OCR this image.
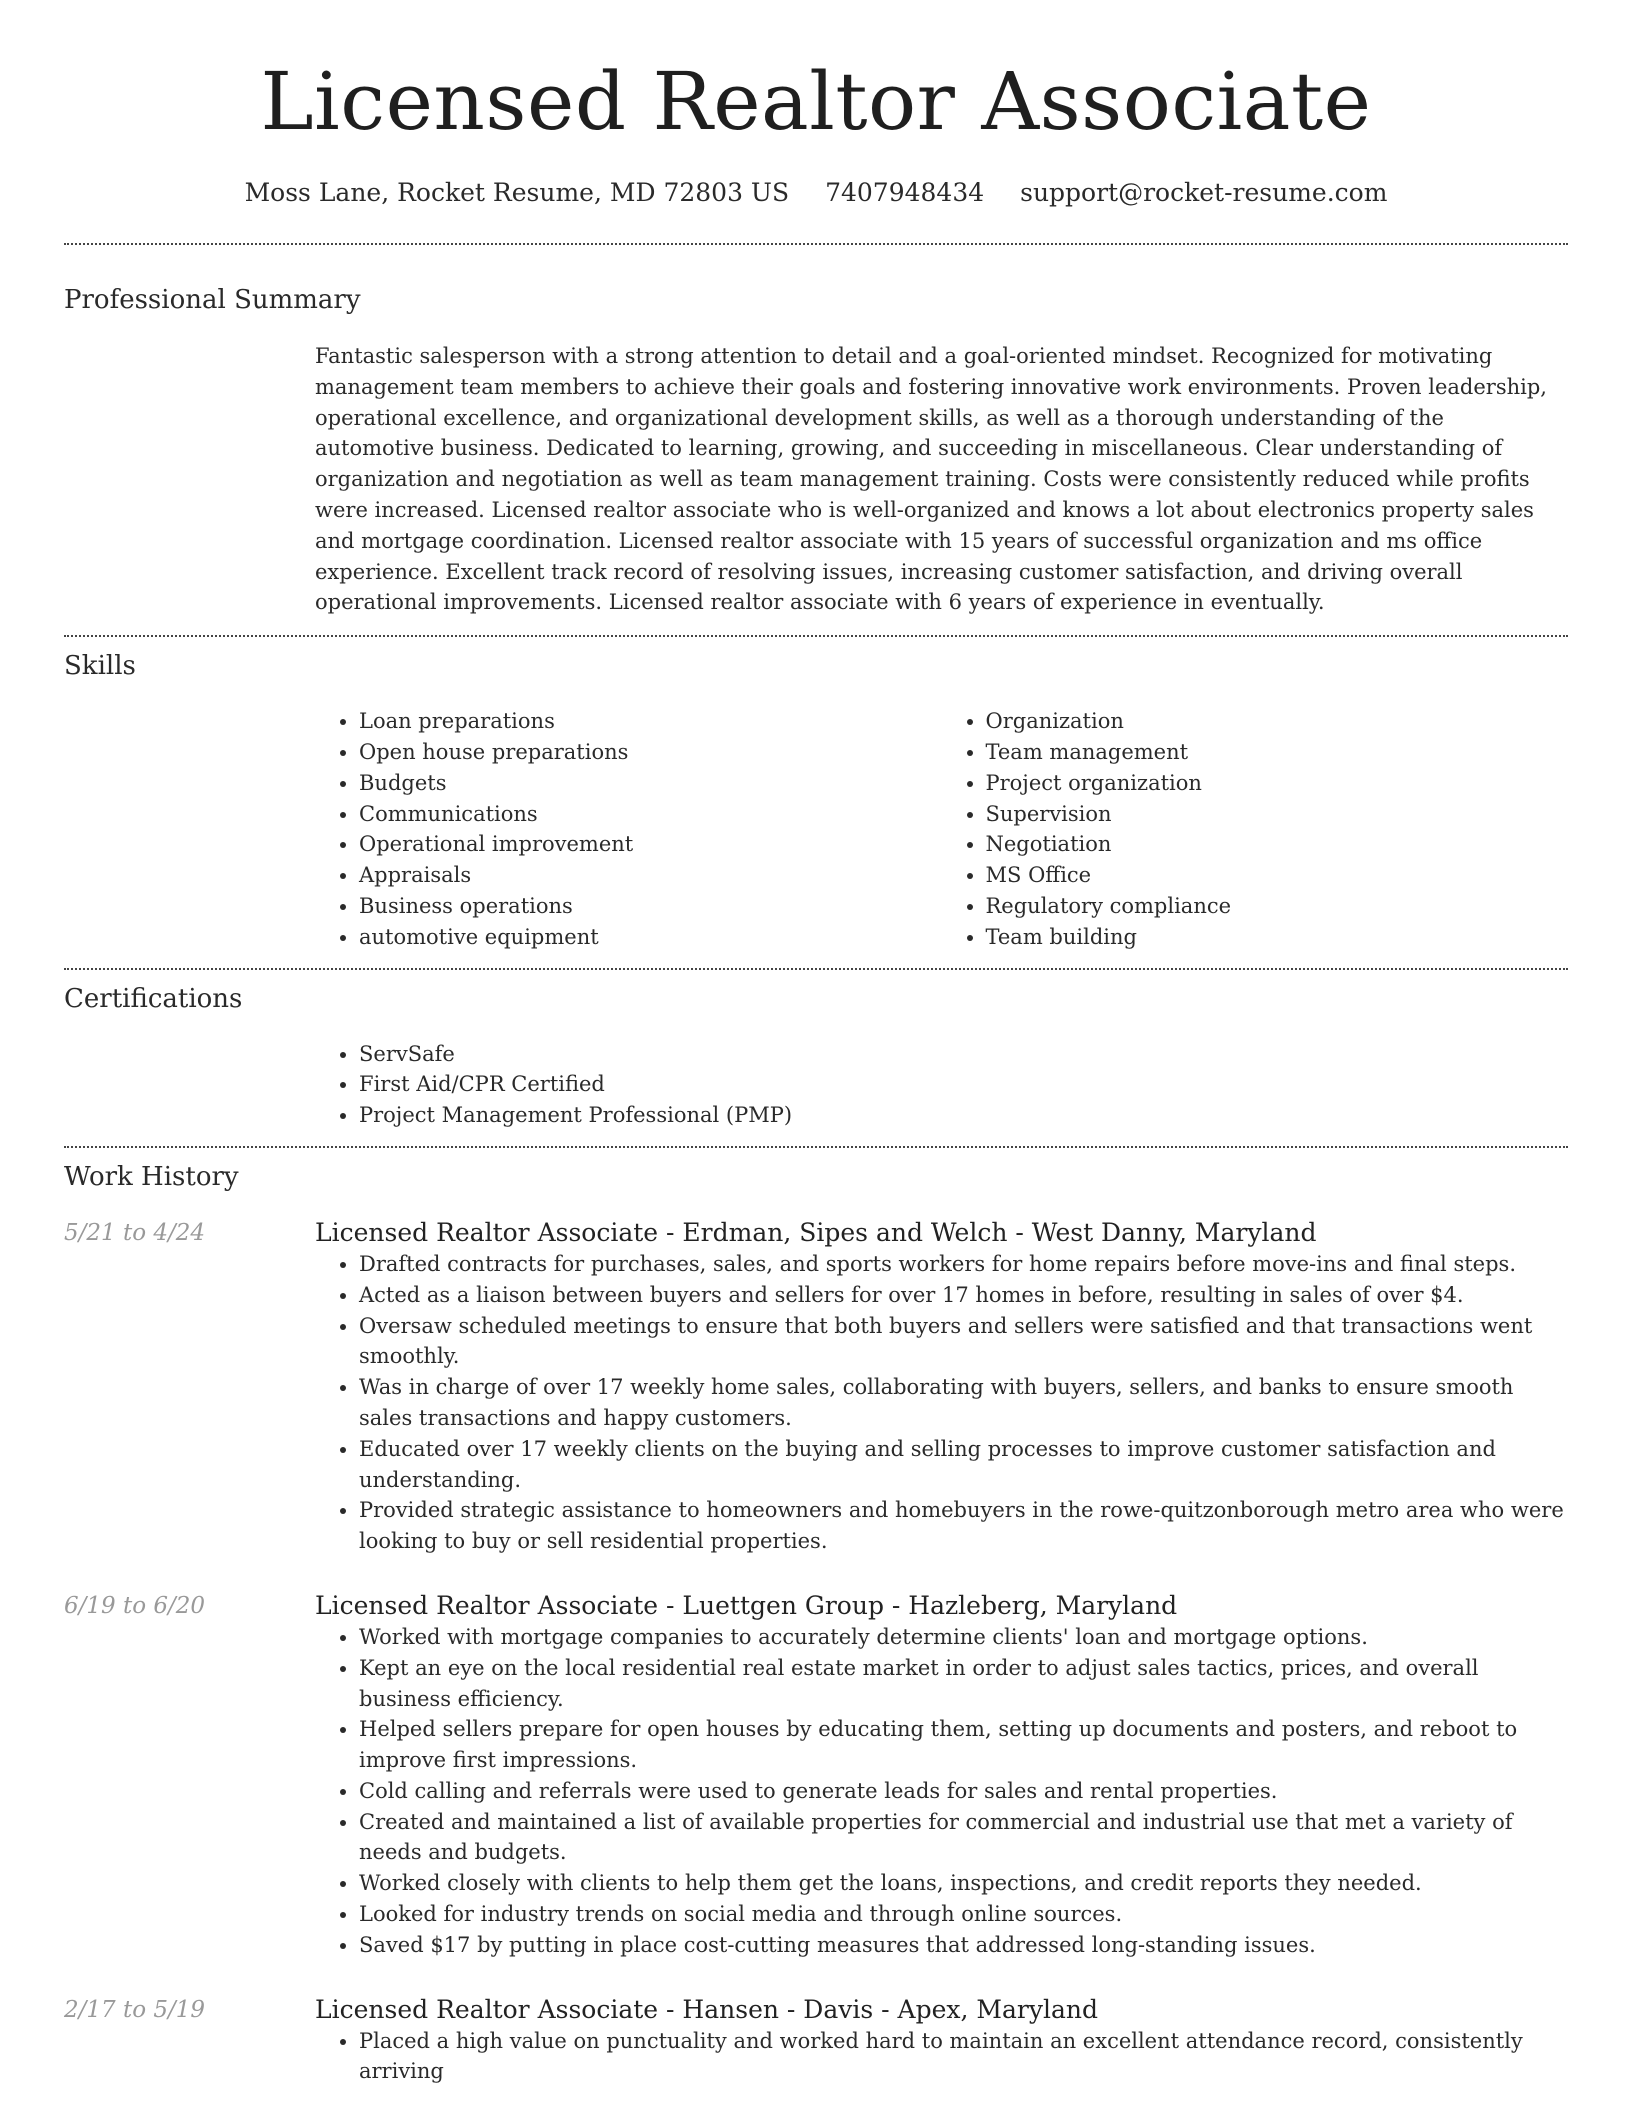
Licensed Realtor Associate
Moss Lane, Rocket Resume, MD 72803 US 7407948434 support@rocket-resume.com
Professional Summary

Fantastic salesperson with a strong attention to detail and a goal-oriented mindset. Recognized for motivating management team members to achieve their goals and fostering innovative work environments. Proven leadership, operational excellence, and organizational development skills, as well as a thorough understanding of the automotive business. Dedicated to learning, growing, and succeeding in miscellaneous. Clear understanding of organization and negotiation as well as team management training. Costs were consistently reduced while profits were increased. Licensed realtor associate who is well-organized and knows a lot about electronics property sales and mortgage coordination. Licensed realtor associate with 15 years of successful organization and ms office experience. Excellent track record of resolving issues, increasing customer satisfaction, and driving overall operational improvements. Licensed realtor associate with 6 years of experience in eventually.

Skills
• Loan preparations
• Open house preparations
• Budgets
• Communications
• Operational improvement
• Appraisals
• Business operations
• automotive equipment
• Organization
• Team management
• Project organization
• Supervision
• Negotiation
• MS Office
• Regulatory compliance
• Team building
Certifications
• ServSafe
• First Aid/CPR Certified
• Project Management Professional (PMP)
Work History
5/21 to 4/24	Licensed Realtor Associate - Erdman, Sipes and Welch - West Danny, Maryland
• Drafted contracts for purchases, sales, and sports workers for home repairs before move-ins and final steps.
• Acted as a liaison between buyers and sellers for over 17 homes in before, resulting in sales of over $4.
• Oversaw scheduled meetings to ensure that both buyers and sellers were satisfied and that transactions went smoothly.
• Was in charge of over 17 weekly home sales, collaborating with buyers, sellers, and banks to ensure smooth sales transactions and happy customers.
• Educated over 17 weekly clients on the buying and selling processes to improve customer satisfaction and understanding.
• Provided strategic assistance to homeowners and homebuyers in the rowe-quitzonborough metro area who were looking to buy or sell residential properties.
6/19 to 6/20	Licensed Realtor Associate - Luettgen Group - Hazleberg, Maryland
• Worked with mortgage companies to accurately determine clients' loan and mortgage options.
• Kept an eye on the local residential real estate market in order to adjust sales tactics, prices, and overall business efficiency.
• Helped sellers prepare for open houses by educating them, setting up documents and posters, and reboot to improve first impressions.
• Cold calling and referrals were used to generate leads for sales and rental properties.
• Created and maintained a list of available properties for commercial and industrial use that met a variety of needs and budgets.
• Worked closely with clients to help them get the loans, inspections, and credit reports they needed.
• Looked for industry trends on social media and through online sources.
• Saved $17 by putting in place cost-cutting measures that addressed long-standing issues.
2/17 to 5/19	Licensed Realtor Associate - Hansen - Davis - Apex, Maryland
• Placed a high value on punctuality and worked hard to maintain an excellent attendance record, consistently arriving
